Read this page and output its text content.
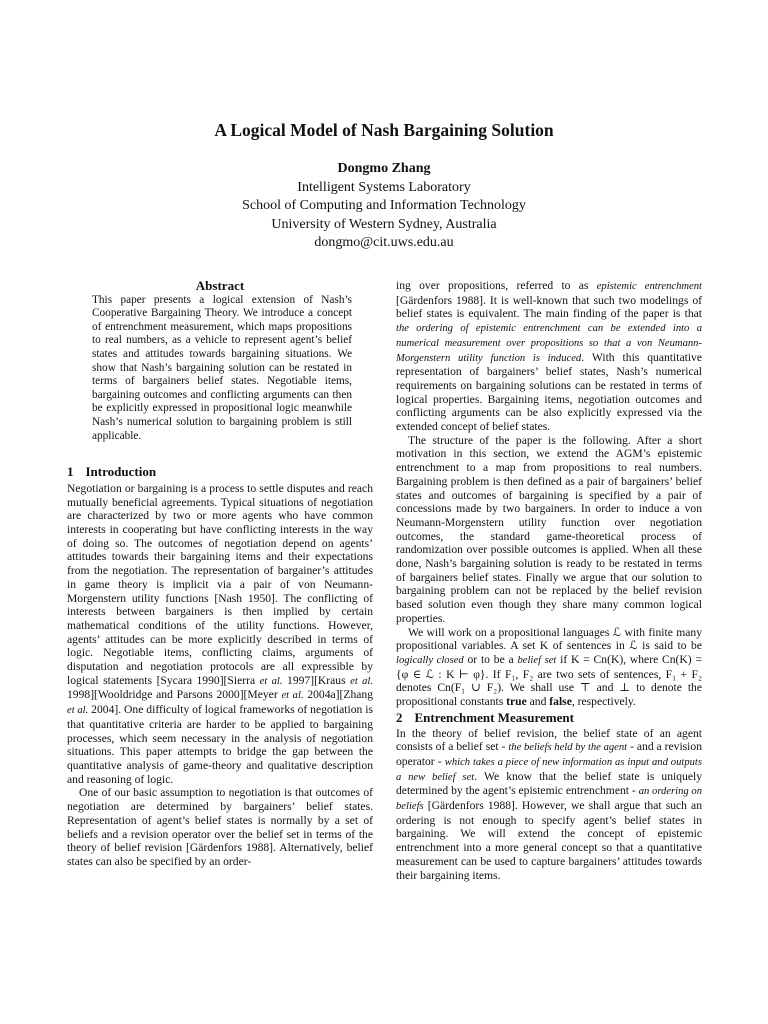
A Logical Model of Nash Bargaining Solution
Dongmo Zhang
Intelligent Systems Laboratory
School of Computing and Information Technology
University of Western Sydney, Australia
dongmo@cit.uws.edu.au
Abstract

This paper presents a logical extension of Nash’s Cooperative Bargaining Theory. We introduce a concept of entrenchment measurement, which maps propositions to real numbers, as a vehicle to represent agent’s belief states and attitudes towards bargaining situations. We show that Nash’s bargaining solution can be restated in terms of bargainers belief states. Negotiable items, bargaining outcomes and conflicting arguments can then be explicitly expressed in propositional logic meanwhile Nash’s numerical solution to bargaining problem is still applicable.

1 Introduction

Negotiation or bargaining is a process to settle disputes and reach mutually beneficial agreements. Typical situations of negotiation are characterized by two or more agents who have common interests in cooperating but have conflicting interests in the way of doing so. The outcomes of negotiation depend on agents’ attitudes towards their bargaining items and their expectations from the negotiation. The representation of bargainer’s attitudes in game theory is implicit via a pair of von Neumann-Morgenstern utility functions [Nash 1950]. The conflicting of interests between bargainers is then implied by certain mathematical conditions of the utility functions. However, agents’ attitudes can be more explicitly described in terms of logic. Negotiable items, conflicting claims, arguments of disputation and negotiation protocols are all expressible by logical statements [Sycara 1990][Sierra et al. 1997][Kraus et al. 1998][Wooldridge and Parsons 2000][Meyer et al. 2004a][Zhang et al. 2004]. One difficulty of logical frameworks of negotiation is that quantitative criteria are harder to be applied to bargaining processes, which seem necessary in the analysis of negotiation situations. This paper attempts to bridge the gap between the quantitative analysis of game-theory and qualitative description and reasoning of logic.

One of our basic assumption to negotiation is that outcomes of negotiation are determined by bargainers’ belief states. Representation of agent’s belief states is normally by a set of beliefs and a revision operator over the belief set in terms of the theory of belief revision [Gärdenfors 1988]. Alternatively, belief states can also be specified by an order-

ing over propositions, referred to as epistemic entrenchment [Gärdenfors 1988]. It is well-known that such two modelings of belief states is equivalent. The main finding of the paper is that the ordering of epistemic entrenchment can be extended into a numerical measurement over propositions so that a von Neumann-Morgenstern utility function is induced. With this quantitative representation of bargainers’ belief states, Nash’s numerical requirements on bargaining solutions can be restated in terms of logical properties. Bargaining items, negotiation outcomes and conflicting arguments can be also explicitly expressed via the extended concept of belief states.

The structure of the paper is the following. After a short motivation in this section, we extend the AGM’s epistemic entrenchment to a map from propositions to real numbers. Bargaining problem is then defined as a pair of bargainers’ belief states and outcomes of bargaining is specified by a pair of concessions made by two bargainers. In order to induce a von Neumann-Morgenstern utility function over negotiation outcomes, the standard game-theoretical process of randomization over possible outcomes is applied. When all these done, Nash’s bargaining solution is ready to be restated in terms of bargainers belief states. Finally we argue that our solution to bargaining problem can not be replaced by the belief revision based solution even though they share many common logical properties.

We will work on a propositional languages ℒ with finite many propositional variables. A set K of sentences in ℒ is said to be logically closed or to be a belief set if K = Cn(K), where Cn(K) = {φ ∈ ℒ : K ⊢ φ}. If F₁, F₂ are two sets of sentences, F₁ + F₂ denotes Cn(F₁ ∪ F₂). We shall use ⊤ and ⊥ to denote the propositional constants true and false, respectively.

2 Entrenchment Measurement

In the theory of belief revision, the belief state of an agent consists of a belief set - the beliefs held by the agent - and a revision operator - which takes a piece of new information as input and outputs a new belief set. We know that the belief state is uniquely determined by the agent’s epistemic entrenchment - an ordering on beliefs [Gärdenfors 1988]. However, we shall argue that such an ordering is not enough to specify agent’s belief states in bargaining. We will extend the concept of epistemic entrenchment into a more general concept so that a quantitative measurement can be used to capture bargainers’ attitudes towards their bargaining items.
